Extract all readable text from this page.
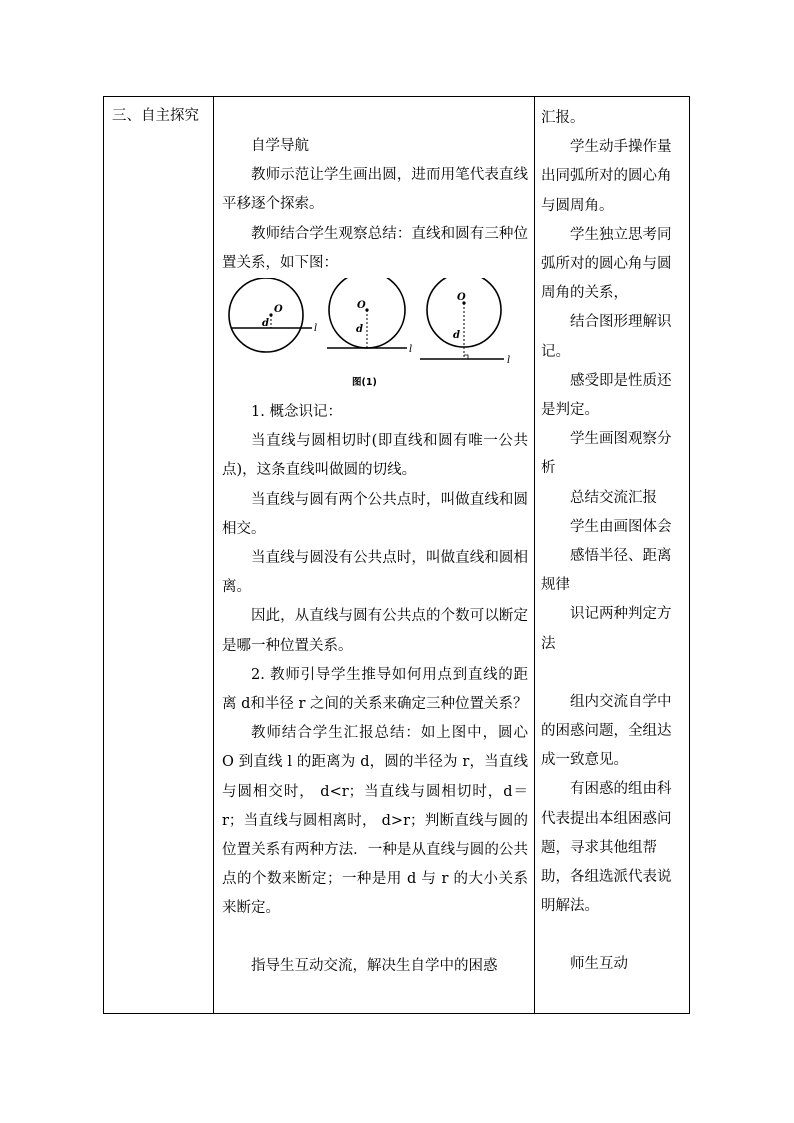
三、自主探究

自学导航

教师示范让学生画出圆，进而用笔代表直线平移逐个探索。

教师结合学生观察总结：直线和圆有三种位置关系，如下图：

O
d	l
O
d
l
O
d
l
图(1)

1. 概念识记：

当直线与圆相切时(即直线和圆有唯一公共点)，这条直线叫做圆的切线。

当直线与圆有两个公共点时，叫做直线和圆相交。

当直线与圆没有公共点时，叫做直线和圆相离。

因此，从直线与圆有公共点的个数可以断定是哪一种位置关系。

2. 教师引导学生推导如何用点到直线的距离 d和半径 r 之间的关系来确定三种位置关系？

教师结合学生汇报总结：如上图中，圆心 O 到直线 l 的距离为 d，圆的半径为 r，当直线与圆相交时， d<r；当直线与圆相切时，d＝r；当直线与圆相离时， d>r；判断直线与圆的位置关系有两种方法．一种是从直线与圆的公共点的个数来断定；一种是用 d 与 r 的大小关系来断定。

指导生互动交流，解决生自学中的困惑

汇报。

学生动手操作量出同弧所对的圆心角与圆周角。

学生独立思考同弧所对的圆心角与圆周角的关系，

结合图形理解识记。

感受即是性质还是判定。

学生画图观察分析

总结交流汇报

学生由画图体会

感悟半径、距离规律

识记两种判定方法

组内交流自学中的困惑问题，全组达成一致意见。

有困惑的组由科代表提出本组困惑问题，寻求其他组帮助，各组选派代表说明解法。

师生互动
